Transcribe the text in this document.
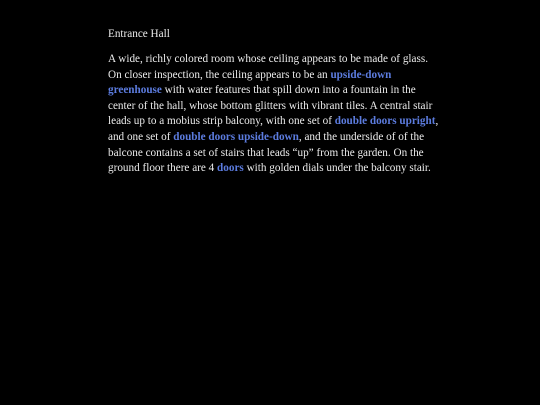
Entrance Hall

A wide, richly colored room whose ceiling appears to be made of glass. On closer inspection, the ceiling appears to be an upside-down greenhouse with water features that spill down into a fountain in the center of the hall, whose bottom glitters with vibrant tiles. A central stair leads up to a mobius strip balcony, with one set of double doors upright, and one set of double doors upside-down, and the underside of of the balcone contains a set of stairs that leads “up” from the garden. On the ground floor there are 4 doors with golden dials under the balcony stair.
